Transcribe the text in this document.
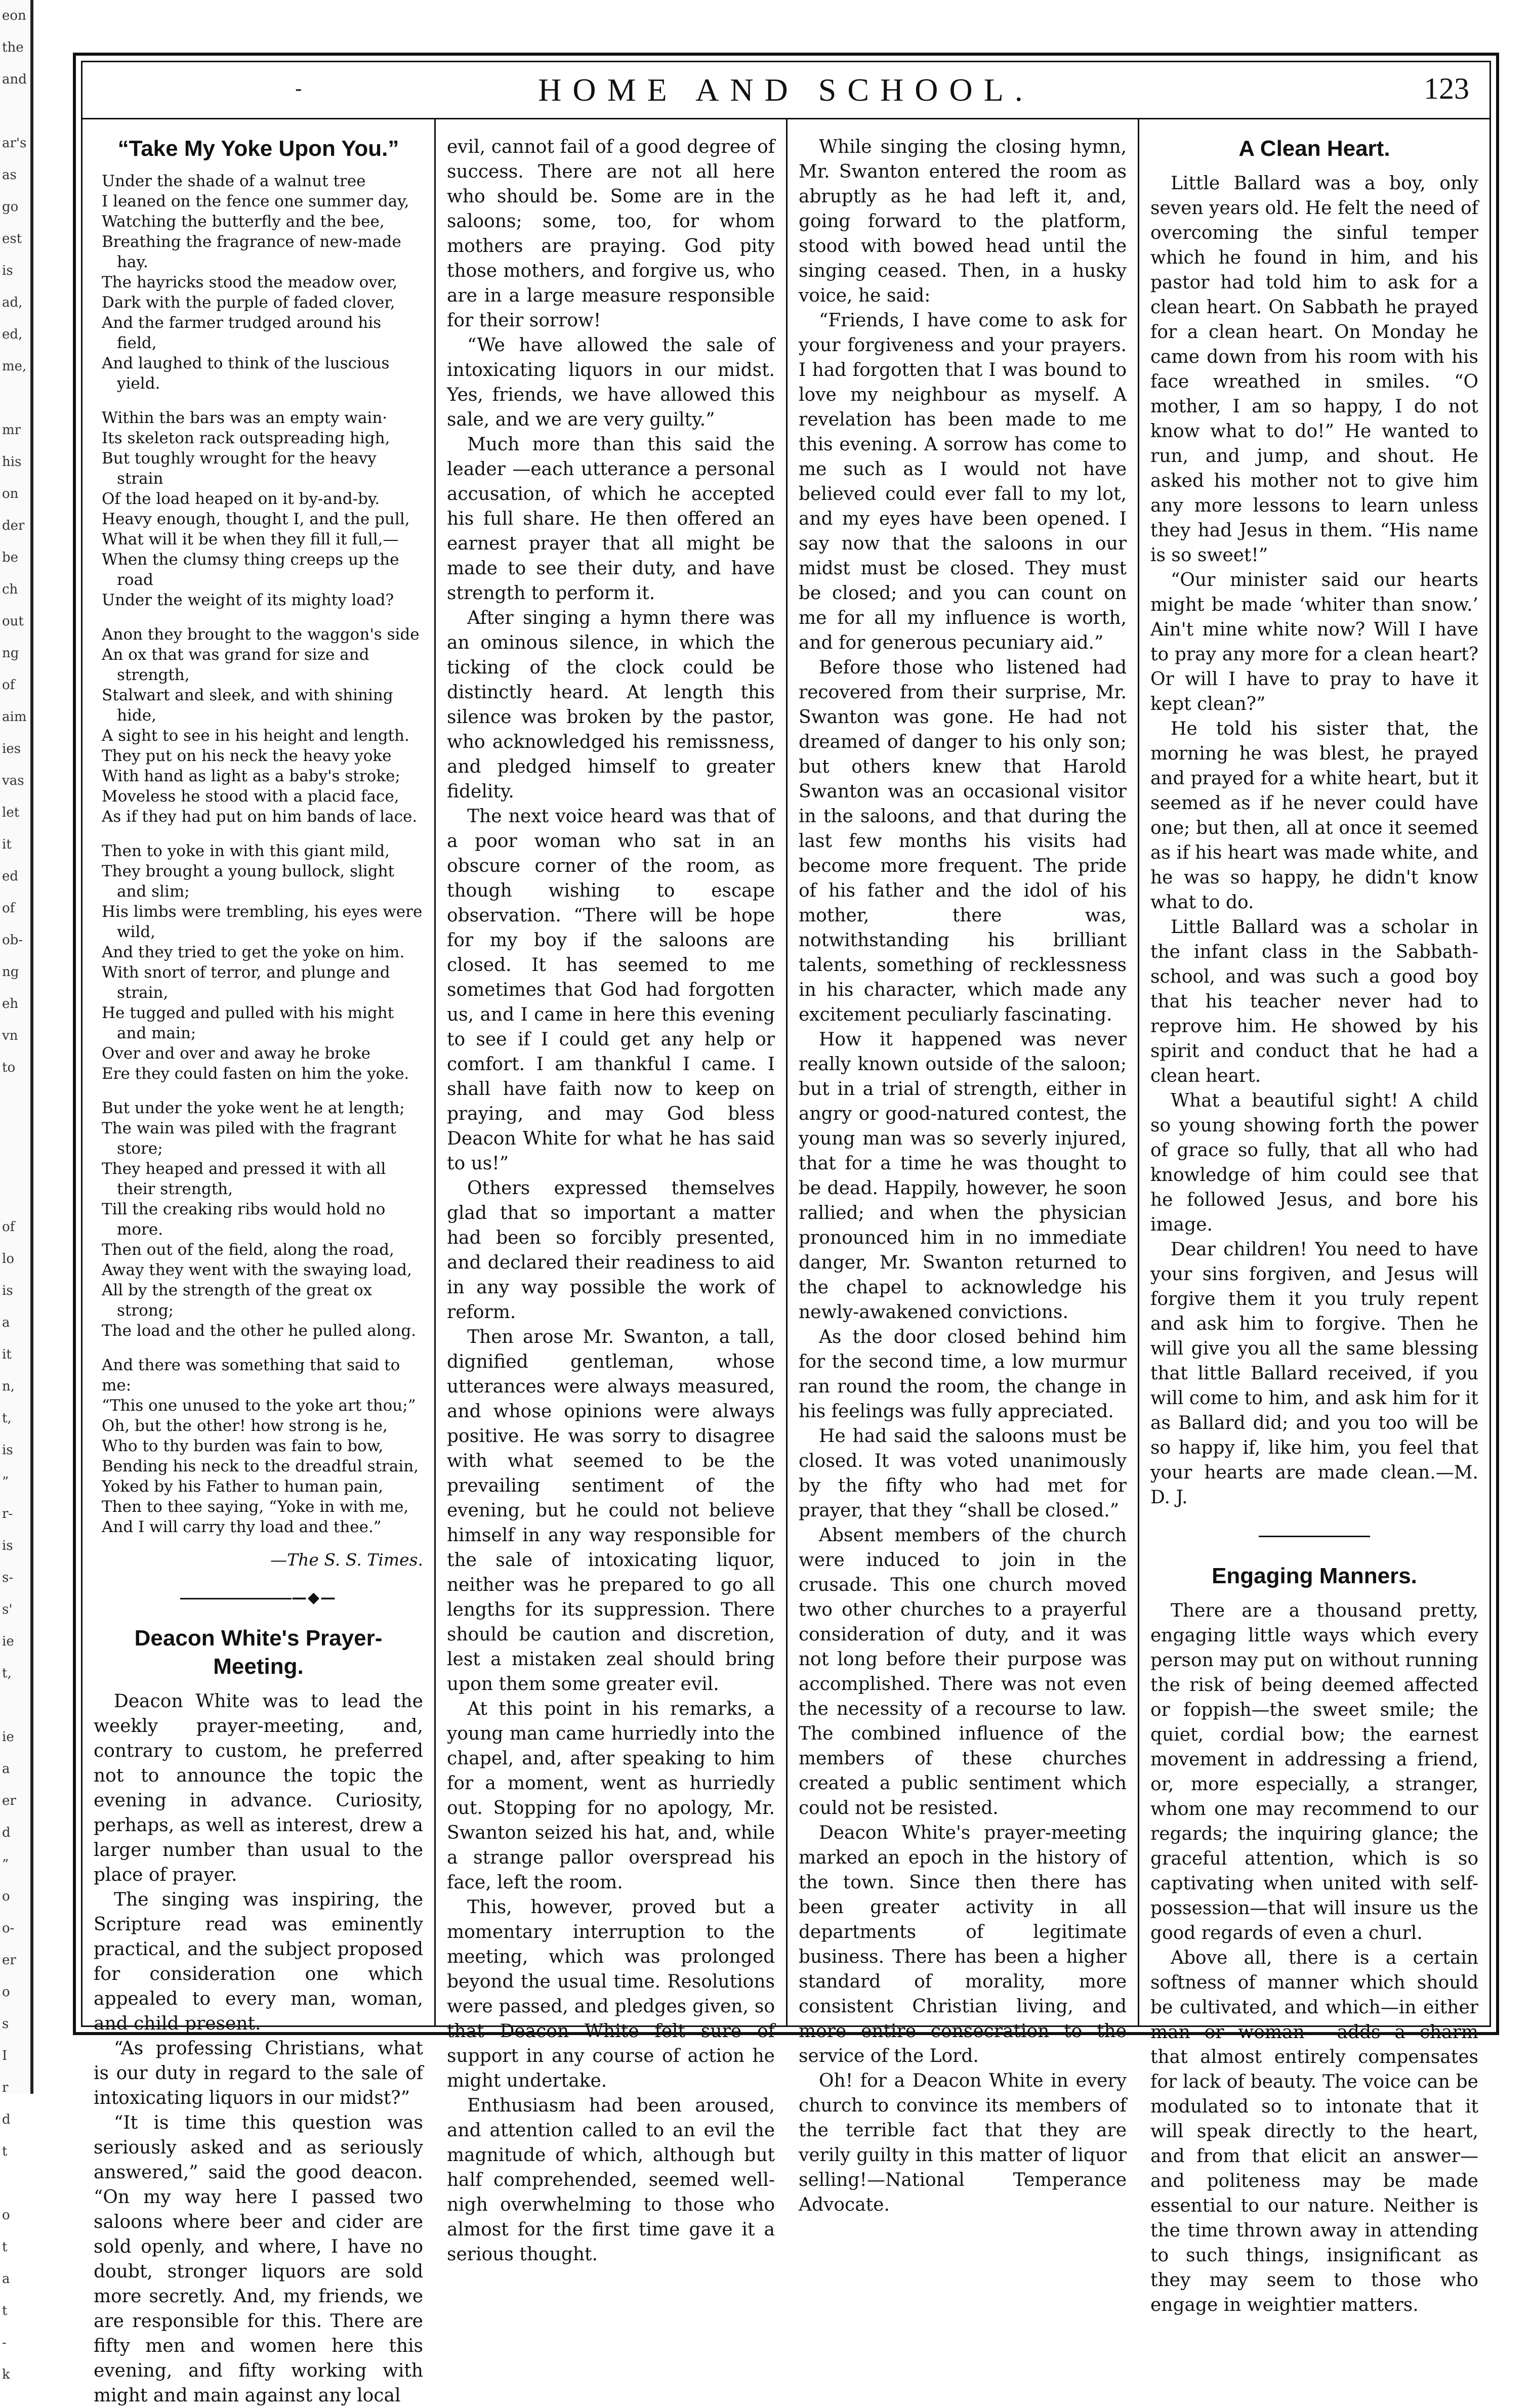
eon
the
and

ar's
as
go
est
is
ad,
ed,
me,

mr
his
on
der
be
ch
out
ng
of
aim
ies
vas
let
it
ed
of
ob-
ng
eh
vn
to

of
lo
is
a
it
n,
t,
is
”
r-
is
s-
s'
ie
t,

ie
a
er
d
”
o
o-
er
o
s
I
r
d
t

o
t
a
t
-
k
-	HOME AND SCHOOL.	123
“Take My Yoke Upon You.”
Under the shade of a walnut tree
I leaned on the fence one summer day,
Watching the butterfly and the bee,
Breathing the fragrance of new-made hay.
The hayricks stood the meadow over,
Dark with the purple of faded clover,
And the farmer trudged around his field,
And laughed to think of the luscious yield.
Within the bars was an empty wain·
Its skeleton rack outspreading high,
But toughly wrought for the heavy strain
Of the load heaped on it by-and-by.
Heavy enough, thought I, and the pull,
What will it be when they fill it full,—
When the clumsy thing creeps up the road
Under the weight of its mighty load?
Anon they brought to the waggon's side
An ox that was grand for size and strength,
Stalwart and sleek, and with shining hide,
A sight to see in his height and length.
They put on his neck the heavy yoke
With hand as light as a baby's stroke;
Moveless he stood with a placid face,
As if they had put on him bands of lace.
Then to yoke in with this giant mild,
They brought a young bullock, slight and slim;
His limbs were trembling, his eyes were wild,
And they tried to get the yoke on him.
With snort of terror, and plunge and strain,
He tugged and pulled with his might and main;
Over and over and away he broke
Ere they could fasten on him the yoke.
But under the yoke went he at length;
The wain was piled with the fragrant store;
They heaped and pressed it with all their strength,
Till the creaking ribs would hold no more.
Then out of the field, along the road,
Away they went with the swaying load,
All by the strength of the great ox strong;
The load and the other he pulled along.
And there was something that said to me:
“This one unused to the yoke art thou;”
Oh, but the other! how strong is he,
Who to thy burden was fain to bow,
Bending his neck to the dreadful strain,
Yoked by his Father to human pain,
Then to thee saying, “Yoke in with me,
And I will carry thy load and thee.”
—The S. S. Times.
—◆—
Deacon White's Prayer-Meeting.

Deacon White was to lead the weekly prayer-meeting, and, contrary to custom, he preferred not to announce the topic the evening in advance. Curiosity, perhaps, as well as interest, drew a larger number than usual to the place of prayer.

The singing was inspiring, the Scripture read was eminently practical, and the subject proposed for consideration one which appealed to every man, woman, and child present.

“As professing Christians, what is our duty in regard to the sale of intoxicating liquors in our midst?”

“It is time this question was seriously asked and as seriously answered,” said the good deacon. “On my way here I passed two saloons where beer and cider are sold openly, and where, I have no doubt, stronger liquors are sold more secretly. And, my friends, we are responsible for this. There are fifty men and women here this evening, and fifty working with might and main against any local

evil, cannot fail of a good degree of success. There are not all here who should be. Some are in the saloons; some, too, for whom mothers are praying. God pity those mothers, and forgive us, who are in a large measure responsible for their sorrow!

“We have allowed the sale of intoxicating liquors in our midst. Yes, friends, we have allowed this sale, and we are very guilty.”

Much more than this said the leader —each utterance a personal accusation, of which he accepted his full share. He then offered an earnest prayer that all might be made to see their duty, and have strength to perform it.

After singing a hymn there was an ominous silence, in which the ticking of the clock could be distinctly heard. At length this silence was broken by the pastor, who acknowledged his remissness, and pledged himself to greater fidelity.

The next voice heard was that of a poor woman who sat in an obscure corner of the room, as though wishing to escape observation. “There will be hope for my boy if the saloons are closed. It has seemed to me sometimes that God had forgotten us, and I came in here this evening to see if I could get any help or comfort. I am thankful I came. I shall have faith now to keep on praying, and may God bless Deacon White for what he has said to us!”

Others expressed themselves glad that so important a matter had been so forcibly presented, and declared their readiness to aid in any way possible the work of reform.

Then arose Mr. Swanton, a tall, dignified gentleman, whose utterances were always measured, and whose opinions were always positive. He was sorry to disagree with what seemed to be the prevailing sentiment of the evening, but he could not believe himself in any way responsible for the sale of intoxicating liquor, neither was he prepared to go all lengths for its suppression. There should be caution and discretion, lest a mistaken zeal should bring upon them some greater evil.

At this point in his remarks, a young man came hurriedly into the chapel, and, after speaking to him for a moment, went as hurriedly out. Stopping for no apology, Mr. Swanton seized his hat, and, while a strange pallor overspread his face, left the room.

This, however, proved but a momentary interruption to the meeting, which was prolonged beyond the usual time. Resolutions were passed, and pledges given, so that Deacon White felt sure of support in any course of action he might undertake.

Enthusiasm had been aroused, and attention called to an evil the magnitude of which, although but half comprehended, seemed well-nigh overwhelming to those who almost for the first time gave it a serious thought.

While singing the closing hymn, Mr. Swanton entered the room as abruptly as he had left it, and, going forward to the platform, stood with bowed head until the singing ceased. Then, in a husky voice, he said:

“Friends, I have come to ask for your forgiveness and your prayers. I had forgotten that I was bound to love my neighbour as myself. A revelation has been made to me this evening. A sorrow has come to me such as I would not have believed could ever fall to my lot, and my eyes have been opened. I say now that the saloons in our midst must be closed. They must be closed; and you can count on me for all my influence is worth, and for generous pecuniary aid.”

Before those who listened had recovered from their surprise, Mr. Swanton was gone. He had not dreamed of danger to his only son; but others knew that Harold Swanton was an occasional visitor in the saloons, and that during the last few months his visits had become more frequent. The pride of his father and the idol of his mother, there was, notwithstanding his brilliant talents, something of recklessness in his character, which made any excitement peculiarly fascinating.

How it happened was never really known outside of the saloon; but in a trial of strength, either in angry or good-natured contest, the young man was so severly injured, that for a time he was thought to be dead. Happily, however, he soon rallied; and when the physician pronounced him in no immediate danger, Mr. Swanton returned to the chapel to acknowledge his newly-awakened convictions.

As the door closed behind him for the second time, a low murmur ran round the room, the change in his feelings was fully appreciated.

He had said the saloons must be closed. It was voted unanimously by the fifty who had met for prayer, that they “shall be closed.”

Absent members of the church were induced to join in the crusade. This one church moved two other churches to a prayerful consideration of duty, and it was not long before their purpose was accomplished. There was not even the necessity of a recourse to law. The combined influence of the members of these churches created a public sentiment which could not be resisted.

Deacon White's prayer-meeting marked an epoch in the history of the town. Since then there has been greater activity in all departments of legitimate business. There has been a higher standard of morality, more consistent Christian living, and more entire consecration to the service of the Lord.

Oh! for a Deacon White in every church to convince its members of the terrible fact that they are verily guilty in this matter of liquor selling!—National Temperance Advocate.

A Clean Heart.

Little Ballard was a boy, only seven years old. He felt the need of overcoming the sinful temper which he found in him, and his pastor had told him to ask for a clean heart. On Sabbath he prayed for a clean heart. On Monday he came down from his room with his face wreathed in smiles. “O mother, I am so happy, I do not know what to do!” He wanted to run, and jump, and shout. He asked his mother not to give him any more lessons to learn unless they had Jesus in them. “His name is so sweet!”

“Our minister said our hearts might be made ‘whiter than snow.’ Ain't mine white now? Will I have to pray any more for a clean heart? Or will I have to pray to have it kept clean?”

He told his sister that, the morning he was blest, he prayed and prayed for a white heart, but it seemed as if he never could have one; but then, all at once it seemed as if his heart was made white, and he was so happy, he didn't know what to do.

Little Ballard was a scholar in the infant class in the Sabbath-school, and was such a good boy that his teacher never had to reprove him. He showed by his spirit and conduct that he had a clean heart.

What a beautiful sight! A child so young showing forth the power of grace so fully, that all who had knowledge of him could see that he followed Jesus, and bore his image.

Dear children! You need to have your sins forgiven, and Jesus will forgive them it you truly repent and ask him to forgive. Then he will give you all the same blessing that little Ballard received, if you will come to him, and ask him for it as Ballard did; and you too will be so happy if, like him, you feel that your hearts are made clean.—M. D. J.

Engaging Manners.

There are a thousand pretty, engaging little ways which every person may put on without running the risk of being deemed affected or foppish—the sweet smile; the quiet, cordial bow; the earnest movement in addressing a friend, or, more especially, a stranger, whom one may recommend to our regards; the inquiring glance; the graceful attention, which is so captivating when united with self-possession—that will insure us the good regards of even a churl.

Above all, there is a certain softness of manner which should be cultivated, and which—in either man or woman —adds a charm that almost entirely compensates for lack of beauty. The voice can be modulated so to intonate that it will speak directly to the heart, and from that elicit an answer—and politeness may be made essential to our nature. Neither is the time thrown away in attending to such things, insignificant as they may seem to those who engage in weightier matters.
